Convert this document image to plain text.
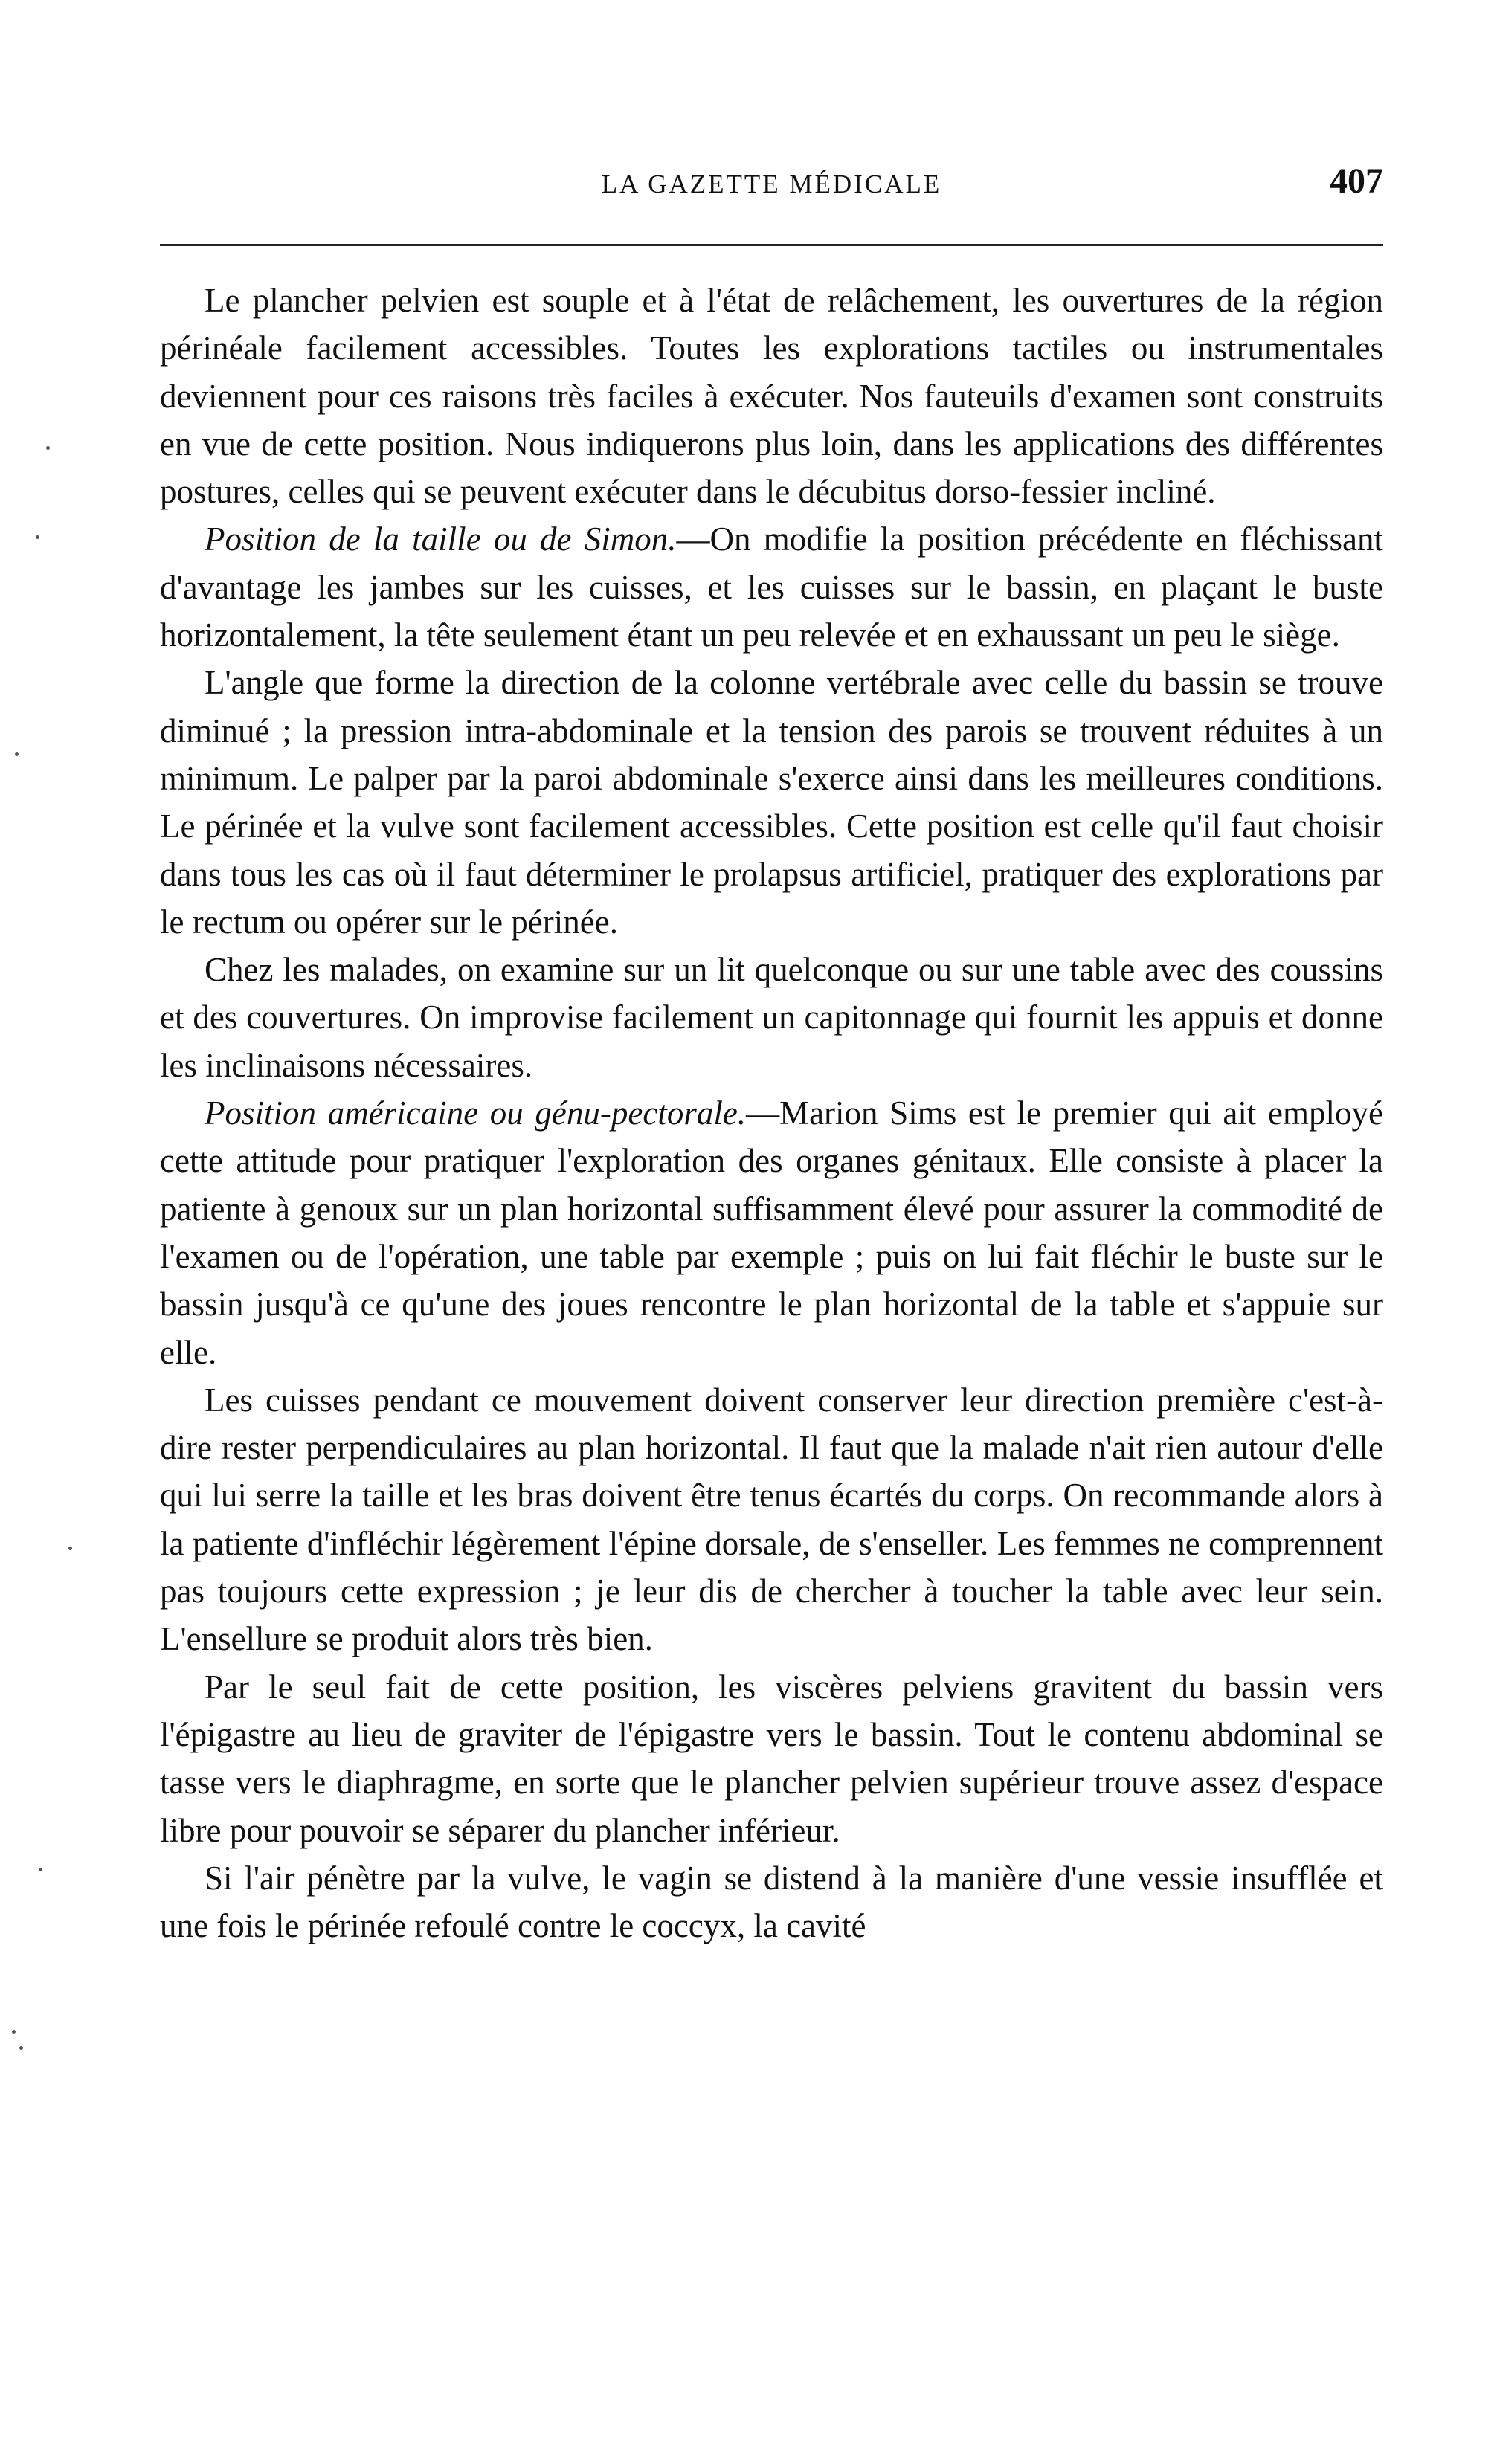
LA GAZETTE MÉDICALE	407

Le plancher pelvien est souple et à l'état de relâchement, les ouvertures de la région périnéale facilement accessibles. Toutes les explorations tactiles ou instrumentales deviennent pour ces raisons très faciles à exécuter. Nos fauteuils d'examen sont construits en vue de cette position. Nous indiquerons plus loin, dans les applications des différentes postures, celles qui se peuvent exécuter dans le décubitus dorso-fessier incliné.

Position de la taille ou de Simon.—On modifie la position précédente en fléchissant d'avantage les jambes sur les cuisses, et les cuisses sur le bassin, en plaçant le buste horizontalement, la tête seulement étant un peu relevée et en exhaussant un peu le siège.

L'angle que forme la direction de la colonne vertébrale avec celle du bassin se trouve diminué ; la pression intra-abdominale et la tension des parois se trouvent réduites à un minimum. Le palper par la paroi abdominale s'exerce ainsi dans les meilleures conditions. Le périnée et la vulve sont facilement accessibles. Cette position est celle qu'il faut choisir dans tous les cas où il faut déterminer le prolapsus artificiel, pratiquer des explorations par le rectum ou opérer sur le périnée.

Chez les malades, on examine sur un lit quelconque ou sur une table avec des coussins et des couvertures. On improvise facilement un capitonnage qui fournit les appuis et donne les inclinaisons nécessaires.

Position américaine ou génu-pectorale.—Marion Sims est le premier qui ait employé cette attitude pour pratiquer l'exploration des organes génitaux. Elle consiste à placer la patiente à genoux sur un plan horizontal suffisamment élevé pour assurer la commodité de l'examen ou de l'opération, une table par exemple ; puis on lui fait fléchir le buste sur le bassin jusqu'à ce qu'une des joues rencontre le plan horizontal de la table et s'appuie sur elle.

Les cuisses pendant ce mouvement doivent conserver leur direction première c'est-à-dire rester perpendiculaires au plan horizontal. Il faut que la malade n'ait rien autour d'elle qui lui serre la taille et les bras doivent être tenus écartés du corps. On recommande alors à la patiente d'infléchir légèrement l'épine dorsale, de s'enseller. Les femmes ne comprennent pas toujours cette expression ; je leur dis de chercher à toucher la table avec leur sein. L'ensellure se produit alors très bien.

Par le seul fait de cette position, les viscères pelviens gravitent du bassin vers l'épigastre au lieu de graviter de l'épigastre vers le bassin. Tout le contenu abdominal se tasse vers le diaphragme, en sorte que le plancher pelvien supérieur trouve assez d'espace libre pour pouvoir se séparer du plancher inférieur.

Si l'air pénètre par la vulve, le vagin se distend à la manière d'une vessie insufflée et une fois le périnée refoulé contre le coccyx, la cavité
